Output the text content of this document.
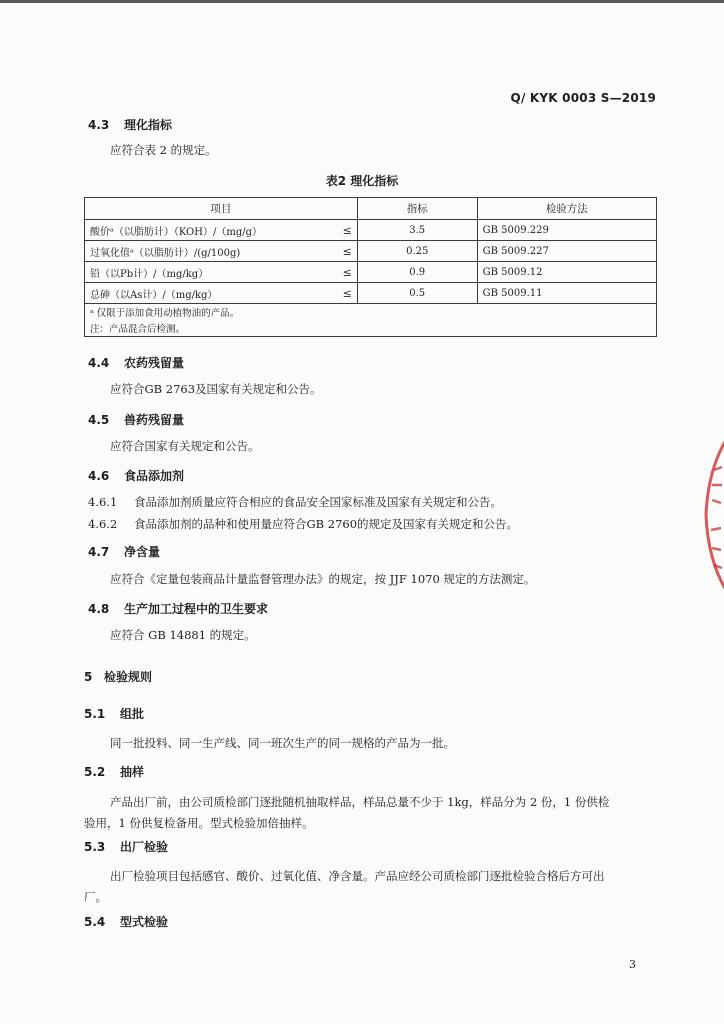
Q/ KYK 0003 S—2019
4.3 理化指标
应符合表 2 的规定。
表2 理化指标
项目		指标	检验方法
酸价ᵃ（以脂肪计）（KOH）/（mg/g）	≤	3.5	GB 5009.229
过氧化值ᵃ（以脂肪计）/(g/100g)	≤	0.25	GB 5009.227
铅（以Pb计）/（mg/kg）	≤	0.9	GB 5009.12
总砷（以As计）/（mg/kg）	≤	0.5	GB 5009.11
ᵃ 仅限于添加食用动植物油的产品。			
注：产品混合后检测。			
4.4 农药残留量
应符合GB 2763及国家有关规定和公告。
4.5 兽药残留量
应符合国家有关规定和公告。
4.6 食品添加剂
4.6.1 食品添加剂质量应符合相应的食品安全国家标准及国家有关规定和公告。
4.6.2 食品添加剂的品种和使用量应符合GB 2760的规定及国家有关规定和公告。
4.7 净含量
应符合《定量包装商品计量监督管理办法》的规定，按 JJF 1070 规定的方法测定。
4.8 生产加工过程中的卫生要求
应符合 GB 14881 的规定。
5 检验规则
5.1 组批
同一批投料、同一生产线、同一班次生产的同一规格的产品为一批。
5.2 抽样
产品出厂前，由公司质检部门逐批随机抽取样品，样品总量不少于 1kg，样品分为 2 份，1 份供检
验用，1 份供复检备用。型式检验加倍抽样。
5.3 出厂检验
出厂检验项目包括感官、酸价、过氧化值、净含量。产品应经公司质检部门逐批检验合格后方可出
厂。
5.4 型式检验
3
